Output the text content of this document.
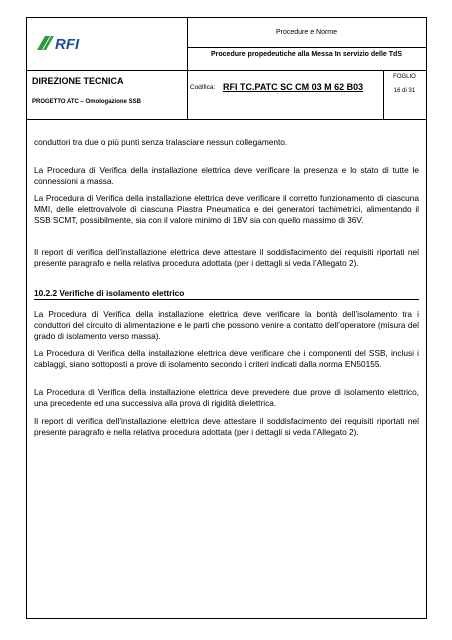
RFI
Procedure e Norme
Procedure propedeutiche alla Messa In servizio delle TdS
DIREZIONE TECNICA
PROGETTO ATC – Omologazione SSB
Codifica: RFI TC.PATC SC CM 03 M 62 B03
FOGLIO
16 di 31

conduttori tra due o più punti senza tralasciare nessun collegamento.

La Procedura di Verifica della installazione elettrica deve verificare la presenza e lo stato di tutte le connessioni a massa.

La Procedura di Verifica della installazione elettrica deve verificare il corretto funzionamento di ciascuna MMI, delle elettrovalvole di ciascuna Piastra Pneumatica e dei generatori tachimetrici, alimentando il SSB SCMT, possibilmente, sia con il valore minimo di 18V sia con quello massimo di 36V.

Il report di verifica dell’installazione elettrica deve attestare il soddisfacimento dei requisiti riportati nel presente paragrafo e nella relativa procedura adottata (per i dettagli si veda l’Allegato 2).

10.2.2 Verifiche di isolamento elettrico

La Procedura di Verifica della installazione elettrica deve verificare la bontà dell’isolamento tra i conduttori del circuito di alimentazione e le parti che possono venire a contatto dell’operatore (misura del grado di isolamento verso massa).

La Procedura di Verifica della installazione elettrica deve verificare che i componenti del SSB, inclusi i cablaggi, siano sottoposti a prove di isolamento secondo i criteri indicati dalla norma EN50155.

La Procedura di Verifica della installazione elettrica deve prevedere due prove di isolamento elettrico, una precedente ed una successiva alla prova di rigidità dielettrica.

Il report di verifica dell’installazione elettrica deve attestare il soddisfacimento dei requisiti riportati nel presente paragrafo e nella relativa procedura adottata (per i dettagli si veda l’Allegato 2).
